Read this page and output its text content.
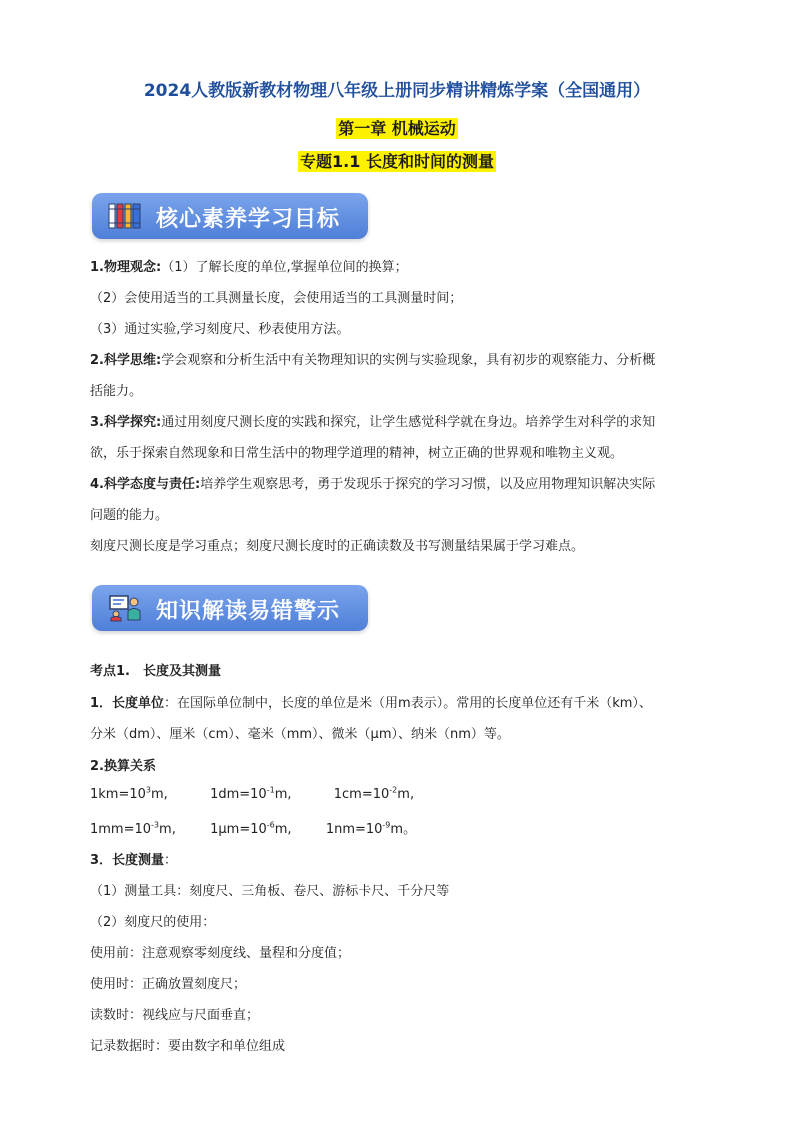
2024人教版新教材物理八年级上册同步精讲精炼学案（全国通用）
第一章 机械运动
专题1.1 长度和时间的测量
核心素养学习目标
1.物理观念:（1）了解长度的单位,掌握单位间的换算；
（2）会使用适当的工具测量长度，会使用适当的工具测量时间；
（3）通过实验,学习刻度尺、秒表使用方法。
2.科学思维:学会观察和分析生活中有关物理知识的实例与实验现象，具有初步的观察能力、分析概
括能力。
3.科学探究:通过用刻度尺测长度的实践和探究，让学生感觉科学就在身边。培养学生对科学的求知
欲，乐于探索自然现象和日常生活中的物理学道理的精神，树立正确的世界观和唯物主义观。
4.科学态度与责任:培养学生观察思考，勇于发现乐于探究的学习习惯，以及应用物理知识解决实际
问题的能力。
刻度尺测长度是学习重点；刻度尺测长度时的正确读数及书写测量结果属于学习难点。
知识解读易错警示
考点1.　长度及其测量
1．长度单位：在国际单位制中，长度的单位是米（用m表示）。常用的长度单位还有千米（km）、
分米（dm）、厘米（cm）、毫米（mm）、微米（μm）、纳米（nm）等。
2.换算关系
$1km=10^3m$,	$1dm=10^{-1}m$,	$1cm=10^{-2}m$,
$1mm=10^{-3}m$,	$1\mu m=10^{-6}m$,	$1nm=10^{-9}m$。
3．长度测量：
（1）测量工具：刻度尺、三角板、卷尺、游标卡尺、千分尺等
（2）刻度尺的使用：
使用前：注意观察零刻度线、量程和分度值；
使用时：正确放置刻度尺；
读数时：视线应与尺面垂直；
记录数据时：要由数字和单位组成
